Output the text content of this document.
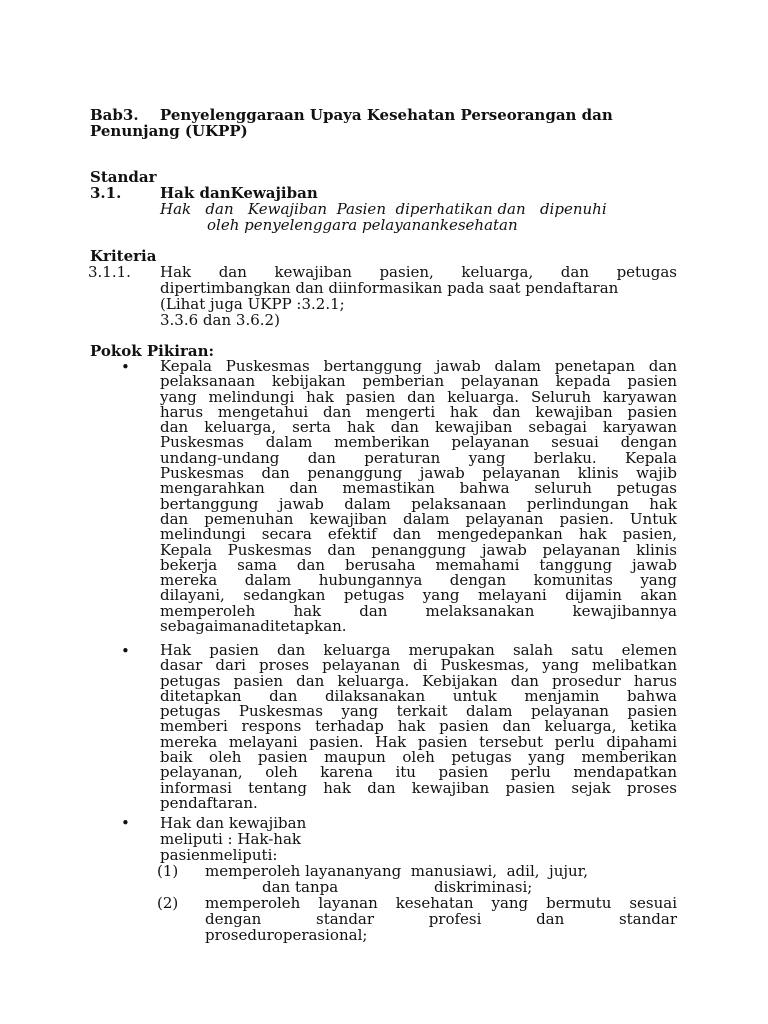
Bab3. Penyelenggaraan Upaya Kesehatan Perseorangan dan
Penunjang (UKPP)
Standar
3.1.	Hak danKewajiban
Hak   dan   Kewajiban  Pasien  diperhatikan dan   dipenuhi
oleh penyelenggara pelayanankesehatan
Kriteria
3.1.1. Hak dan kewajiban pasien, keluarga, dan petugas
dipertimbangkan dan diinformasikan pada saat pendaftaran
(Lihat juga UKPP :3.2.1;
3.3.6 dan 3.6.2)
Pokok Pikiran:
• Kepala Puskesmas bertanggung jawab dalam penetapan dan
pelaksanaan kebijakan pemberian pelayanan kepada pasien
yang melindungi hak pasien dan keluarga. Seluruh karyawan
harus mengetahui dan mengerti hak dan kewajiban pasien
dan keluarga, serta hak dan kewajiban sebagai karyawan
Puskesmas dalam memberikan pelayanan sesuai dengan
undang-undang dan peraturan yang berlaku. Kepala
Puskesmas dan penanggung jawab pelayanan klinis wajib
mengarahkan dan memastikan bahwa seluruh petugas
bertanggung jawab dalam pelaksanaan perlindungan hak
dan pemenuhan kewajiban dalam pelayanan pasien. Untuk
melindungi secara efektif dan mengedepankan hak pasien,
Kepala Puskesmas dan penanggung jawab pelayanan klinis
bekerja sama dan berusaha memahami tanggung jawab
mereka dalam hubungannya dengan komunitas yang
dilayani, sedangkan petugas yang melayani dijamin akan
memperoleh hak dan melaksanakan kewajibannya
sebagaimanaditetapkan.
• Hak pasien dan keluarga merupakan salah satu elemen
dasar dari proses pelayanan di Puskesmas, yang melibatkan
petugas pasien dan keluarga. Kebijakan dan prosedur harus
ditetapkan dan dilaksanakan untuk menjamin bahwa
petugas Puskesmas yang terkait dalam pelayanan pasien
memberi respons terhadap hak pasien dan keluarga, ketika
mereka melayani pasien. Hak pasien tersebut perlu dipahami
baik oleh pasien maupun oleh petugas yang memberikan
pelayanan, oleh karena itu pasien perlu mendapatkan
informasi tentang hak dan kewajiban pasien sejak proses
pendaftaran.
• Hak dan kewajiban
meliputi : Hak-hak
pasienmeliputi:
(1) memperoleh layananyang  manusiawi,  adil,  jujur,
dan tanpa	diskriminasi;
(2) memperoleh layanan kesehatan yang bermutu sesuai
dengan standar profesi dan standar
proseduroperasional;
